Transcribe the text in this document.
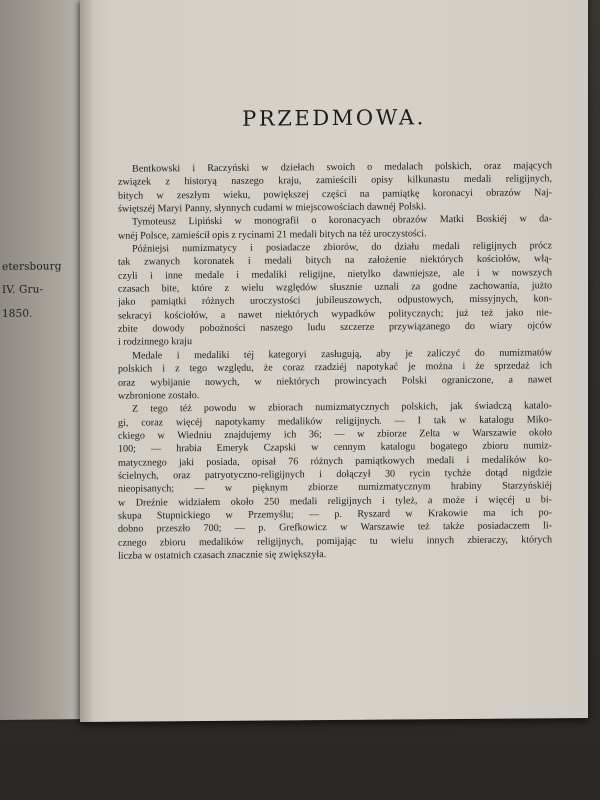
etersbourg
IV. Gru-
1850.
PRZEDMOWA.
Bentkowski i Raczyński w dziełach swoich o medalach polskich, oraz mających
związek z historyą naszego kraju, zamieścili opisy kilkunastu medali religijnych,
bitych w zeszłym wieku, powiększej części na pamiątkę koronacyi obrazów Naj-
świętszéj Maryi Panny, słynnych cudami w miejscowościach dawnéj Polski.
Tymoteusz Lipiński w monografii o koronacyach obrazów Matki Boskiéj w da-
wnéj Polsce, zamieścił opis z rycinami 21 medali bitych na téż uroczystości.
Późniejsi numizmatycy i posiadacze zbiorów, do działu medali religijnych prócz
tak zwanych koronatek i medali bitych na założenie niektórych kościołów, włą-
czyli i inne medale i medaliki religijne, nietylko dawniejsze, ale i w nowszych
czasach bite, które z wielu względów słusznie uznali za godne zachowania, jużto
jako pamiątki różnych uroczystości jubileuszowych, odpustowych, missyjnych, kon-
sekracyi kościołów, a nawet niektórych wypadków politycznych; już też jako nie-
zbite dowody pobożności naszego ludu szczerze przywiązanego do wiary ojców
i rodzinnego kraju
Medale i medaliki téj kategoryi zasługują, aby je zaliczyć do numizmatów
polskich i z tego względu, że coraz rzadziéj napotykać je można i że sprzedaż ich
oraz wybijanie nowych, w niektórych prowincyach Polski ograniczone, a nawet
wzbronione zostało.
Z tego téż powodu w zbiorach numizmatycznych polskich, jak świadczą katalo-
gi, coraz więcéj napotykamy medalików religijnych. — I tak w katalogu Miko-
ckiego w Wiedniu znajdujemy ich 36; — w zbiorze Zelta w Warszawie około
100; — hrabia Emeryk Czapski w cennym katalogu bogatego zbioru numiz-
matycznego jaki posiada, opisał 76 różnych pamiątkowych medali i medalików ko-
ścielnych, oraz patryotyczno-religijnych i dołączył 30 rycin tychże dotąd nigdzie
nieopisanych; — w pięknym zbiorze numizmatycznym hrabiny Starzyńskiéj
w Dreźnie widziałem około 250 medali religijnych i tyleż, a może i więcéj u bi-
skupa Stupnickiego w Przemyślu; — p. Ryszard w Krakowie ma ich po-
dobno przeszło 700; — p. Grefkowicz w Warszawie też także posiadaczem li-
cznego zbioru medalików religijnych, pomijając tu wielu innych zbieraczy, których
liczba w ostatnich czasach znacznie się zwiększyła.
